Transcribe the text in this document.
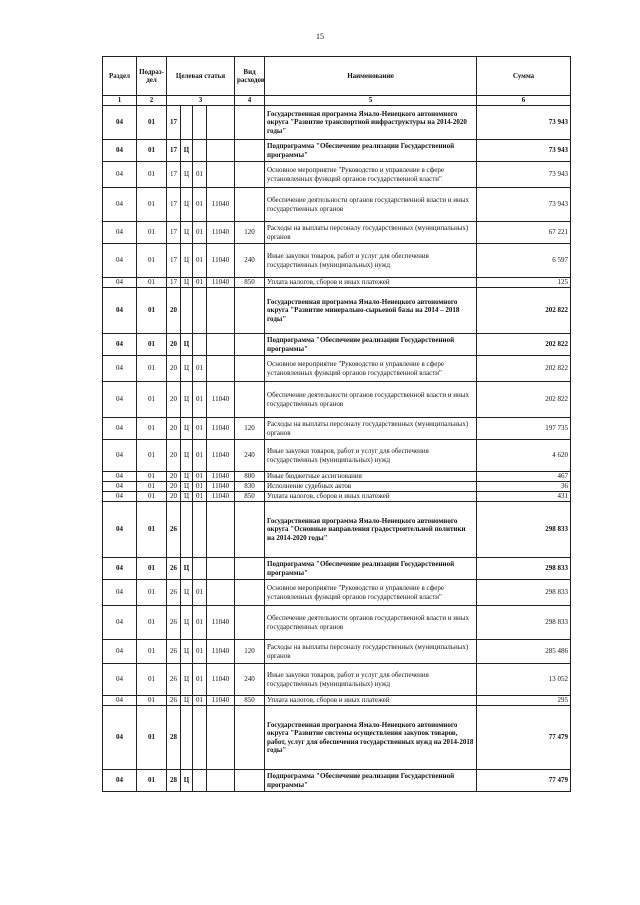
15
Раздел	Подраз-дел	Целевая статья				Вид расходов	Наименование	Сумма
1	2	3				4	5	6
04	01	17					Государственная программа Ямало-Ненецкого автономного округа "Развитие транспортной инфраструктуры на 2014-2020 годы"	73 943
04	01	17	Ц				Подпрограмма "Обеспечение реализации Государственной программы"	73 943
04	01	17	Ц	01			Основное мероприятие "Руководство и управление в сфере установленных функций органов государственной власти"	73 943
04	01	17	Ц	01	11040		Обеспечение деятельности органов государственной власти и иных государственных органов	73 943
04	01	17	Ц	01	11040	120	Расходы на выплаты персоналу государственных (муниципальных) органов	67 221
04	01	17	Ц	01	11040	240	Иные закупки товаров, работ и услуг для обеспечения государственных (муниципальных) нужд	6 597
04	01	17	Ц	01	11040	850	Уплата налогов, сборов и иных платежей	125
04	01	20					Государственная программа Ямало-Ненецкого автономного округа "Развитие минерально-сырьевой базы на 2014 – 2018 годы"	202 822
04	01	20	Ц				Подпрограмма "Обеспечение реализации Государственной программы"	202 822
04	01	20	Ц	01			Основное мероприятие "Руководство и управление в сфере установленных функций органов государственной власти"	202 822
04	01	20	Ц	01	11040		Обеспечение деятельности органов государственной власти и иных государственных органов	202 822
04	01	20	Ц	01	11040	120	Расходы на выплаты персоналу государственных (муниципальных) органов	197 735
04	01	20	Ц	01	11040	240	Иные закупки товаров, работ и услуг для обеспечения государственных (муниципальных) нужд	4 620
04	01	20	Ц	01	11040	800	Иные бюджетные ассигнования	467
04	01	20	Ц	01	11040	830	Исполнение судебных актов	36
04	01	20	Ц	01	11040	850	Уплата налогов, сборов и иных платежей	431
04	01	26					Государственная программа Ямало-Ненецкого автономного округа "Основные направления градостроительной политики на 2014-2020 годы"	298 833
04	01	26	Ц				Подпрограмма "Обеспечение реализации Государственной программы"	298 833
04	01	26	Ц	01			Основное мероприятие "Руководство и управление в сфере установленных функций органов государственной власти"	298 833
04	01	26	Ц	01	11040		Обеспечение деятельности органов государственной власти и иных государственных органов	298 833
04	01	26	Ц	01	11040	120	Расходы на выплаты персоналу государственных (муниципальных) органов	285 486
04	01	26	Ц	01	11040	240	Иные закупки товаров, работ и услуг для обеспечения государственных (муниципальных) нужд	13 052
04	01	26	Ц	01	11040	850	Уплата налогов, сборов и иных платежей	295
04	01	28					Государственная программа Ямало-Ненецкого автономного округа "Развитие системы осуществления закупок товаров, работ, услуг для обеспечения государственных нужд на 2014-2018 годы"	77 479
04	01	28	Ц				Подпрограмма "Обеспечение реализации Государственной программы"	77 479
